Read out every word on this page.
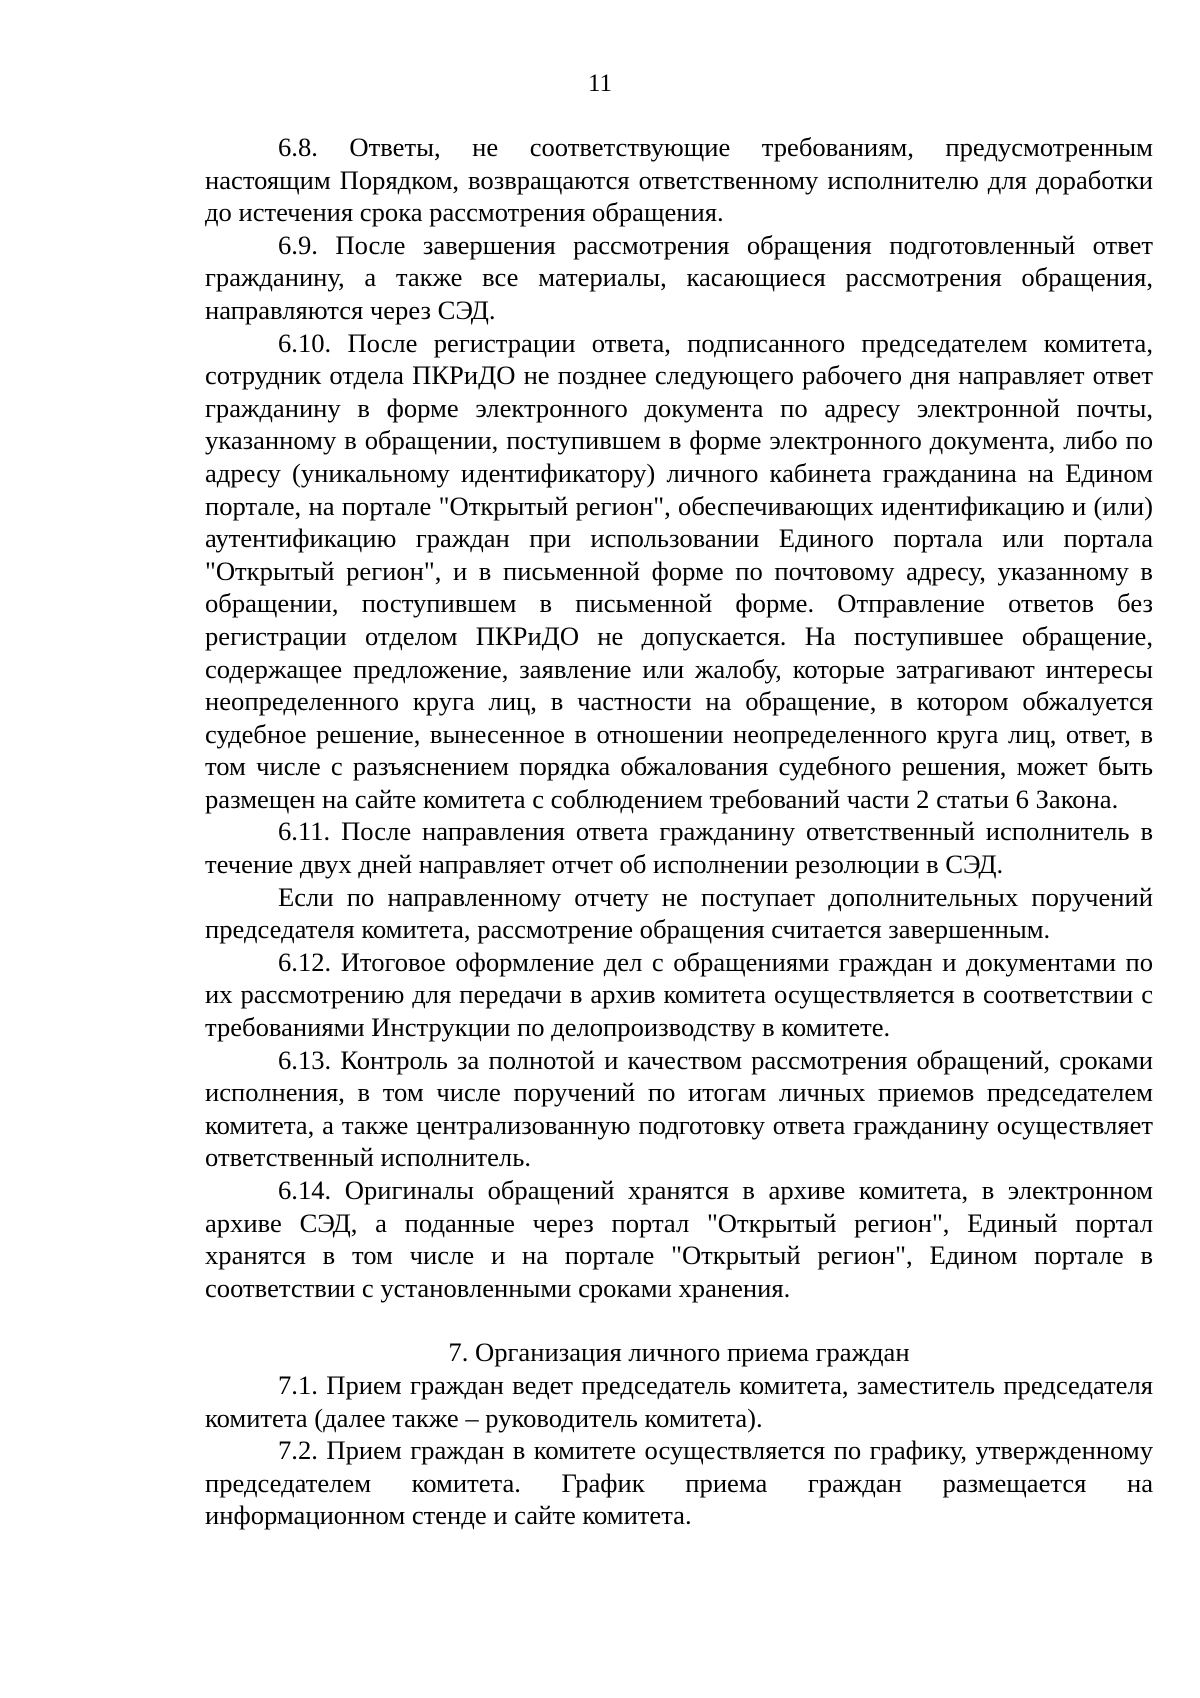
11

6.8. Ответы, не соответствующие требованиям, предусмотренным настоящим Порядком, возвращаются ответственному исполнителю для доработки до истечения срока рассмотрения обращения.

6.9. После завершения рассмотрения обращения подготовленный ответ гражданину, а также все материалы, касающиеся рассмотрения обращения, направляются через СЭД.

6.10. После регистрации ответа, подписанного председателем комитета, сотрудник отдела ПКРиДО не позднее следующего рабочего дня направляет ответ гражданину в форме электронного документа по адресу электронной почты, указанному в обращении, поступившем в форме электронного документа, либо по адресу (уникальному идентификатору) личного кабинета гражданина на Едином портале, на портале "Открытый регион", обеспечивающих идентификацию и (или) аутентификацию граждан при использовании Единого портала или портала "Открытый регион", и в письменной форме по почтовому адресу, указанному в обращении, поступившем в письменной форме. Отправление ответов без регистрации отделом ПКРиДО не допускается. На поступившее обращение, содержащее предложение, заявление или жалобу, которые затрагивают интересы неопределенного круга лиц, в частности на обращение, в котором обжалуется судебное решение, вынесенное в отношении неопределенного круга лиц, ответ, в том числе с разъяснением порядка обжалования судебного решения, может быть размещен на сайте комитета с соблюдением требований части 2 статьи 6 Закона.

6.11. После направления ответа гражданину ответственный исполнитель в течение двух дней направляет отчет об исполнении резолюции в СЭД.

Если по направленному отчету не поступает дополнительных поручений председателя комитета, рассмотрение обращения считается завершенным.

6.12. Итоговое оформление дел с обращениями граждан и документами по их рассмотрению для передачи в архив комитета осуществляется в соответствии с требованиями Инструкции по делопроизводству в комитете.

6.13. Контроль за полнотой и качеством рассмотрения обращений, сроками исполнения, в том числе поручений по итогам личных приемов председателем комитета, а также централизованную подготовку ответа гражданину осуществляет ответственный исполнитель.

6.14. Оригиналы обращений хранятся в архиве комитета, в электронном архиве СЭД, а поданные через портал "Открытый регион", Единый портал хранятся в том числе и на портале "Открытый регион", Едином портале в соответствии с установленными сроками хранения.

7. Организация личного приема граждан

7.1. Прием граждан ведет председатель комитета, заместитель председателя комитета (далее также – руководитель комитета).

7.2. Прием граждан в комитете осуществляется по графику, утвержденному председателем комитета. График приема граждан размещается на информационном стенде и сайте комитета.
